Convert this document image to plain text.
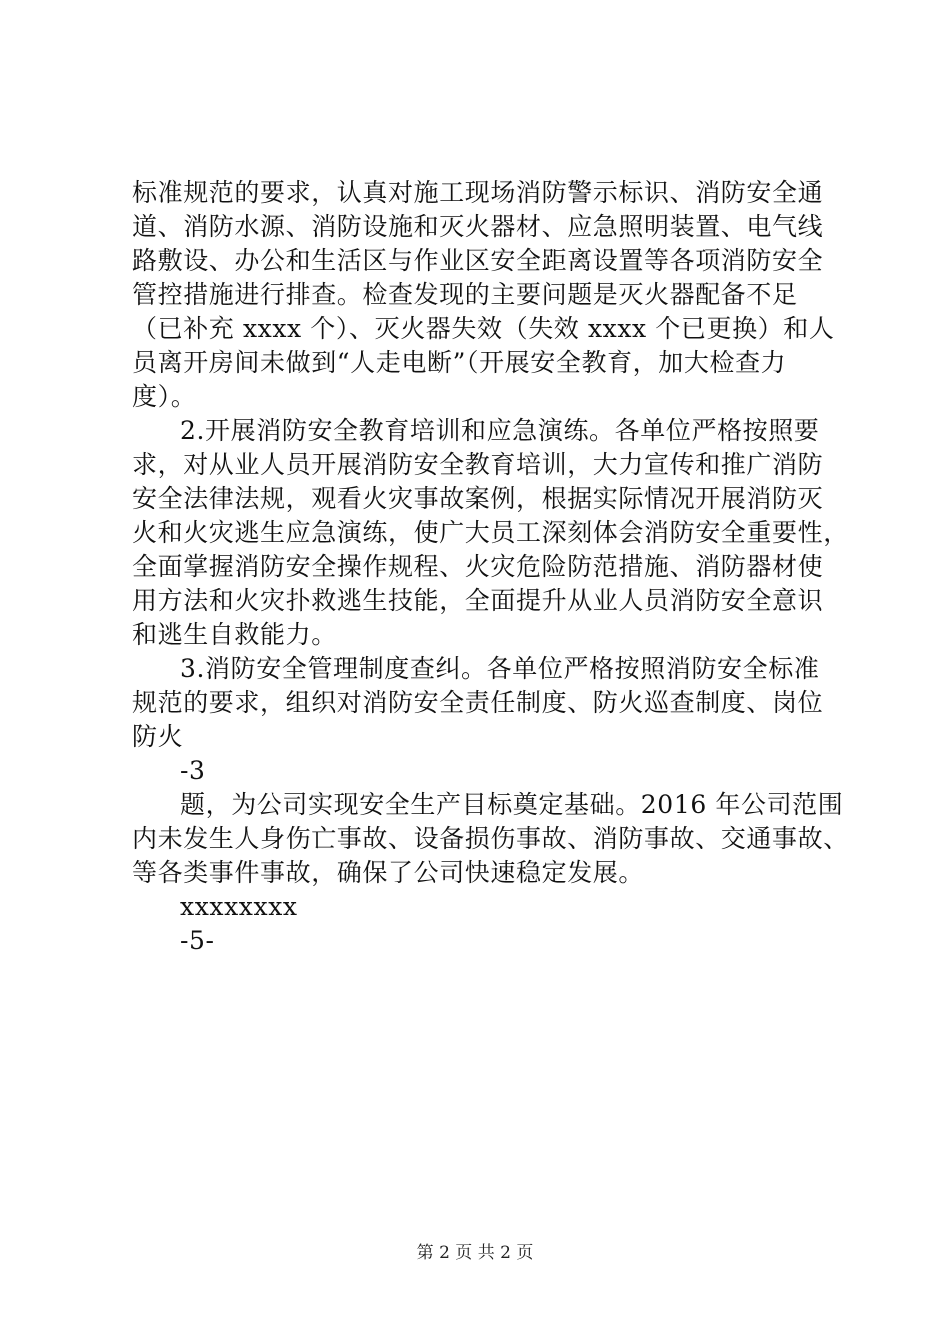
标准规范的要求，认真对施工现场消防警示标识、消防安全通
道、消防水源、消防设施和灭火器材、应急照明装置、电气线
路敷设、办公和生活区与作业区安全距离设置等各项消防安全
管控措施进行排查。检查发现的主要问题是灭火器配备不足
（已补充 xxxx 个）、灭火器失效（失效 xxxx 个已更换）和人
员离开房间未做到“人走电断”（开展安全教育，加大检查力
度）。
2.开展消防安全教育培训和应急演练。各单位严格按照要
求，对从业人员开展消防安全教育培训，大力宣传和推广消防
安全法律法规，观看火灾事故案例，根据实际情况开展消防灭
火和火灾逃生应急演练，使广大员工深刻体会消防安全重要性，
全面掌握消防安全操作规程、火灾危险防范措施、消防器材使
用方法和火灾扑救逃生技能，全面提升从业人员消防安全意识
和逃生自救能力。
3.消防安全管理制度查纠。各单位严格按照消防安全标准
规范的要求，组织对消防安全责任制度、防火巡查制度、岗位
防火
-3
题，为公司实现安全生产目标奠定基础。2016 年公司范围
内未发生人身伤亡事故、设备损伤事故、消防事故、交通事故、
等各类事件事故，确保了公司快速稳定发展。
xxxxxxxx
-5-
第 2 页 共 2 页
